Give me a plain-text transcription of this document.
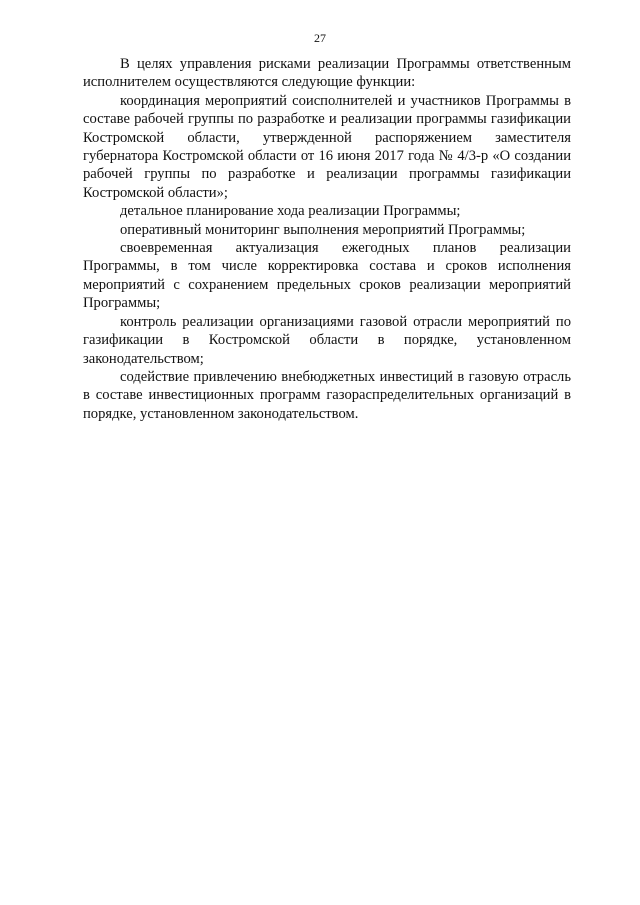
27

В целях управления рисками реализации Программы ответственным исполнителем осуществляются следующие функции:

координация мероприятий соисполнителей и участников Программы в составе рабочей группы по разработке и реализации программы газификации Костромской области, утвержденной распоряжением заместителя губернатора Костромской области от 16 июня 2017 года № 4/3-р «О создании рабочей группы по разработке и реализации программы газификации Костромской области»;

детальное планирование хода реализации Программы;

оперативный мониторинг выполнения мероприятий Программы;

своевременная актуализация ежегодных планов реализации Программы, в том числе корректировка состава и сроков исполнения мероприятий с сохранением предельных сроков реализации мероприятий Программы;

контроль реализации организациями газовой отрасли мероприятий по газификации в Костромской области в порядке, установленном законодательством;

содействие привлечению внебюджетных инвестиций в газовую отрасль в составе инвестиционных программ газораспределительных организаций в порядке, установленном законодательством.
